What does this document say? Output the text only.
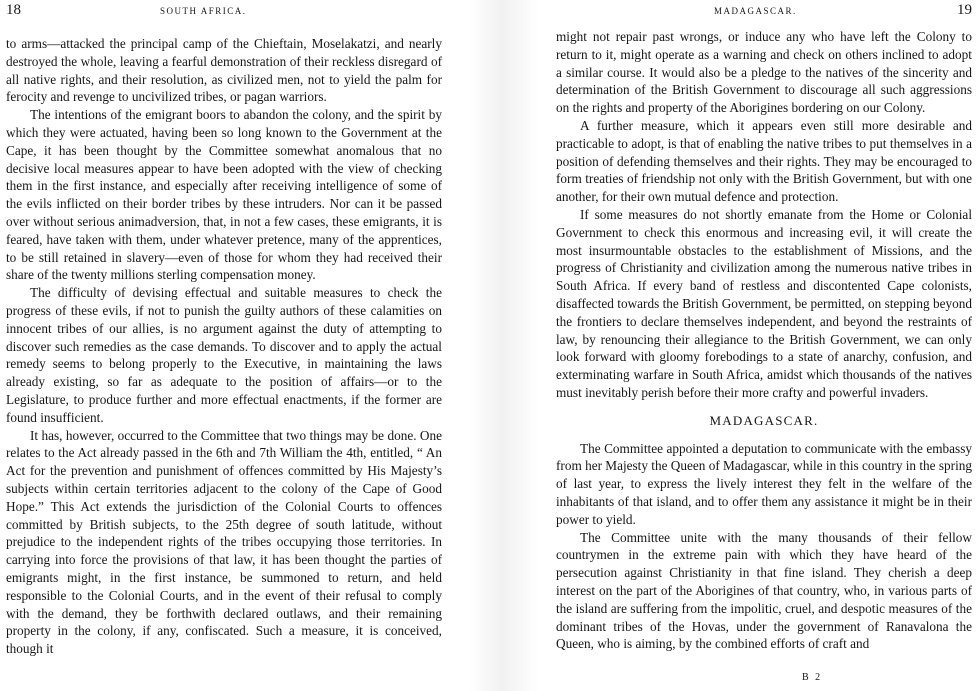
18	SOUTH AFRICA.

to arms—attacked the principal camp of the Chieftain, Moselakatzi, and nearly destroyed the whole, leaving a fearful demonstration of their reckless disregard of all native rights, and their resolution, as civilized men, not to yield the palm for ferocity and revenge to uncivilized tribes, or pagan warriors.

The intentions of the emigrant boors to abandon the colony, and the spirit by which they were actuated, having been so long known to the Government at the Cape, it has been thought by the Committee somewhat anomalous that no decisive local measures appear to have been adopted with the view of checking them in the first instance, and especially after receiving intelligence of some of the evils inflicted on their border tribes by these intruders. Nor can it be passed over without serious animadversion, that, in not a few cases, these emigrants, it is feared, have taken with them, under whatever pretence, many of the apprentices, to be still retained in slavery—even of those for whom they had received their share of the twenty millions sterling compensation money.

The difficulty of devising effectual and suitable measures to check the progress of these evils, if not to punish the guilty authors of these calamities on innocent tribes of our allies, is no argument against the duty of attempting to discover such remedies as the case demands. To discover and to apply the actual remedy seems to belong properly to the Executive, in maintaining the laws already existing, so far as adequate to the position of affairs—or to the Legislature, to produce further and more effectual enactments, if the former are found insufficient.

It has, however, occurred to the Committee that two things may be done. One relates to the Act already passed in the 6th and 7th William the 4th, entitled, “ An Act for the prevention and punishment of offences committed by His Majesty’s subjects within certain territories adjacent to the colony of the Cape of Good Hope.” This Act extends the jurisdiction of the Colonial Courts to offences committed by British subjects, to the 25th degree of south latitude, without prejudice to the independent rights of the tribes occupying those territories. In carrying into force the provisions of that law, it has been thought the parties of emigrants might, in the first instance, be summoned to return, and held responsible to the Colonial Courts, and in the event of their refusal to comply with the demand, they be forthwith declared outlaws, and their remaining property in the colony, if any, confiscated. Such a measure, it is conceived, though it

MADAGASCAR.	19

might not repair past wrongs, or induce any who have left the Colony to return to it, might operate as a warning and check on others inclined to adopt a similar course. It would also be a pledge to the natives of the sincerity and determination of the British Government to discourage all such aggressions on the rights and property of the Aborigines bordering on our Colony.

A further measure, which it appears even still more desirable and practicable to adopt, is that of enabling the native tribes to put themselves in a position of defending themselves and their rights. They may be encouraged to form treaties of friendship not only with the British Government, but with one another, for their own mutual defence and protection.

If some measures do not shortly emanate from the Home or Colonial Government to check this enormous and increasing evil, it will create the most insurmountable obstacles to the establishment of Missions, and the progress of Christianity and civilization among the numerous native tribes in South Africa. If every band of restless and discontented Cape colonists, disaffected towards the British Government, be permitted, on stepping beyond the frontiers to declare themselves independent, and beyond the restraints of law, by renouncing their allegiance to the British Government, we can only look forward with gloomy forebodings to a state of anarchy, confusion, and exterminating warfare in South Africa, amidst which thousands of the natives must inevitably perish before their more crafty and powerful invaders.

MADAGASCAR.

The Committee appointed a deputation to communicate with the embassy from her Majesty the Queen of Madagascar, while in this country in the spring of last year, to express the lively interest they felt in the welfare of the inhabitants of that island, and to offer them any assistance it might be in their power to yield.

The Committee unite with the many thousands of their fellow countrymen in the extreme pain with which they have heard of the persecution against Christianity in that fine island. They cherish a deep interest on the part of the Aborigines of that country, who, in various parts of the island are suffering from the impolitic, cruel, and despotic measures of the dominant tribes of the Hovas, under the government of Ranavalona the Queen, who is aiming, by the combined efforts of craft and

B 2
